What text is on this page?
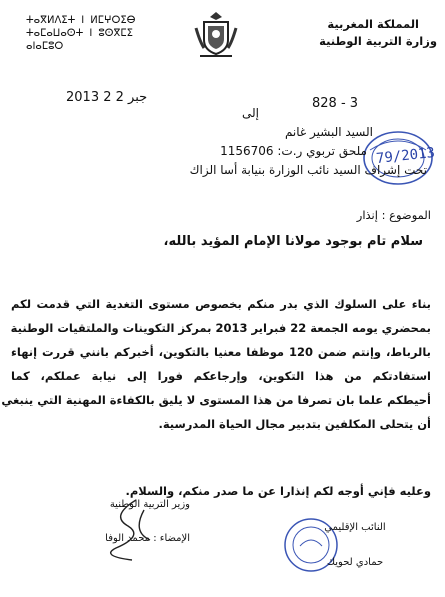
المملكة المغربية
وزارة التربية الوطنية
ⵜⴰⴳⵍⴷⵉⵜ ⵏ ⵍⵎⵖⵔⵉⴱ
ⵜⴰⵎⴰⵡⴰⵙⵜ ⵏ ⵓⵙⴳⵎⵉ
ⴰⵏⴰⵎⵓⵔ
2013 جبر 2 2	828 - 3
79/2013
إلى
السيد البشير غانم
ملحق تربوي ر.ت: 1156706
تحت إشراف السيد نائب الوزارة بنيابة أسا الزاك
الموضوع : إنذار
سلام تام بوجود مولانا الإمام المؤيد بالله،
بناء على السلوك الذي بدر منكم بخصوص مستوى التغدية التي قدمت لكم
بمحضري يومه الجمعة 22 فبراير 2013 بمركز التكوينات والملتقيات الوطنية
بالرباط، وإنتم ضمن 120 موظفا معنيا بالتكوين، أخبركم بانني قررت إنهاء
استفادتكم من هذا التكوين، وإرجاعكم فورا إلى نيابة عملكم، كما
أحيطكم علما بان تصرفا من هذا المستوى لا يليق بالكفاءة المهنية التي ينبغي
أن يتحلى المكلفين بتدبير مجال الحياة المدرسية.
وعليه فإني أوجه لكم إنذارا عن ما صدر منكم، والسلام.
النائب الإقليمي
حمادي لحويك
وزير التربية الوطنية
الإمضاء : محمد الوفا
